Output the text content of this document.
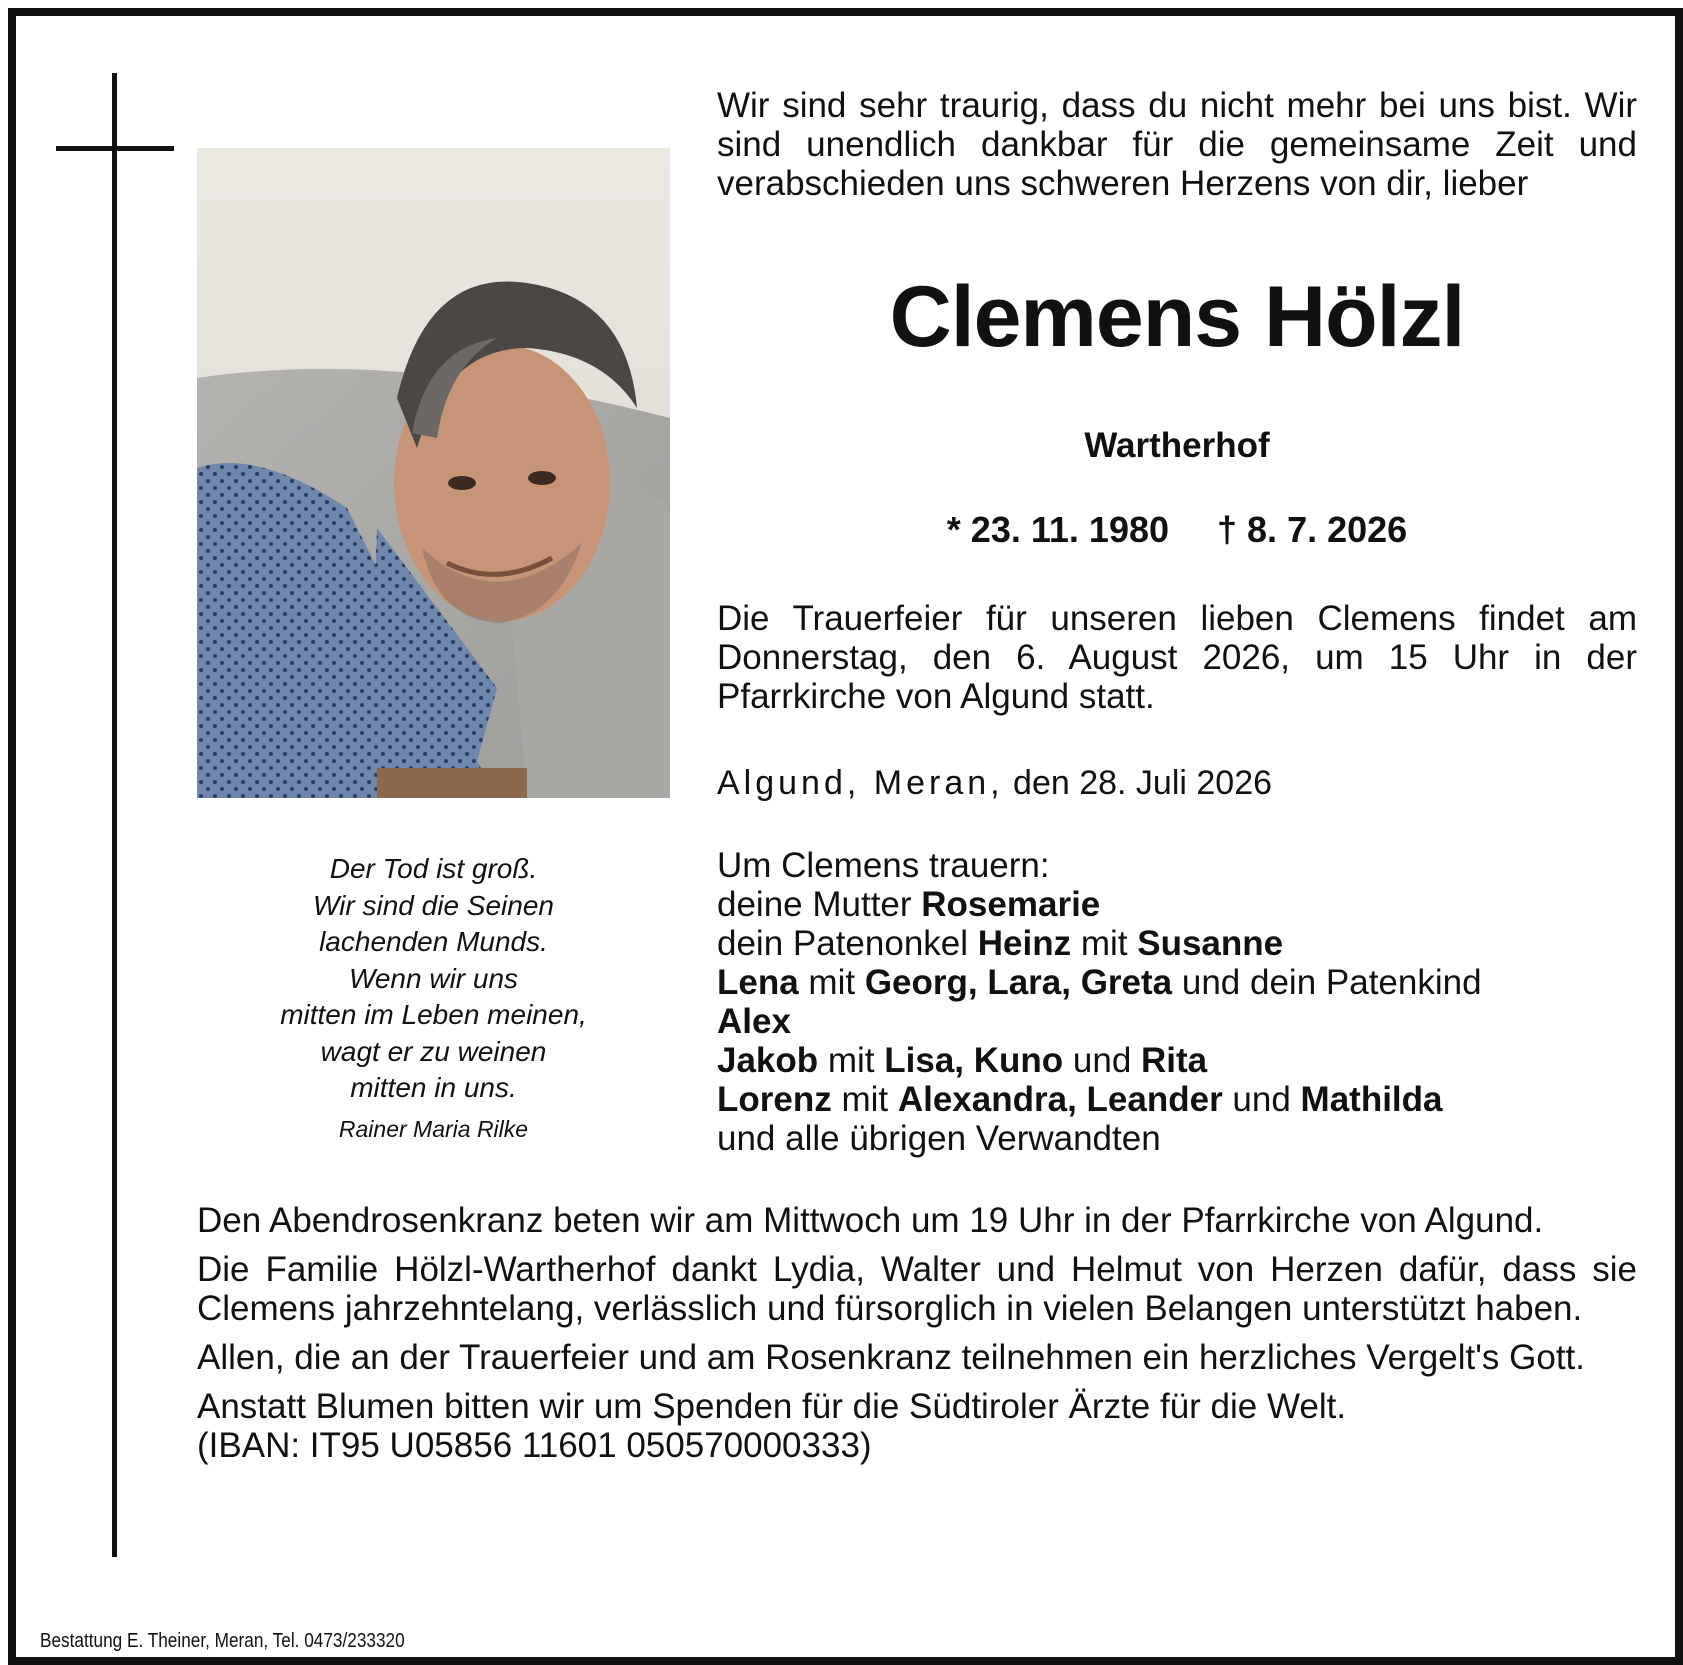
Der Tod ist groß.
Wir sind die Seinen
lachenden Munds.
Wenn wir uns
mitten im Leben meinen,
wagt er zu weinen
mitten in uns.
Rainer Maria Rilke
Wir sind sehr traurig, dass du nicht mehr bei uns bist. Wir sind unendlich dankbar für die gemeinsame Zeit und verabschieden uns schweren Herzens von dir, lieber
Clemens Hölzl
Wartherhof
* 23. 11. 1980 † 8. 7. 2026
Die Trauerfeier für unseren lieben Clemens findet am Donnerstag, den 6. August 2026, um 15 Uhr in der Pfarrkirche von Algund statt.
Algund, Meran, den 28. Juli 2026
Um Clemens trauern:
deine Mutter Rosemarie
dein Patenonkel Heinz mit Susanne
Lena mit Georg, Lara, Greta und dein Patenkind
Alex
Jakob mit Lisa, Kuno und Rita
Lorenz mit Alexandra, Leander und Mathilda
und alle übrigen Verwandten

Den Abendrosenkranz beten wir am Mittwoch um 19 Uhr in der Pfarrkirche von Algund.

Die Familie Hölzl-Wartherhof dankt Lydia, Walter und Helmut von Herzen dafür, dass sie Clemens jahrzehntelang, verlässlich und fürsorglich in vielen Belangen unterstützt haben.

Allen, die an der Trauerfeier und am Rosenkranz teilnehmen ein herzliches Vergelt's Gott.

Anstatt Blumen bitten wir um Spenden für die Südtiroler Ärzte für die Welt.
(IBAN: IT95 U05856 11601 050570000333)

Bestattung E. Theiner, Meran, Tel. 0473/233320
